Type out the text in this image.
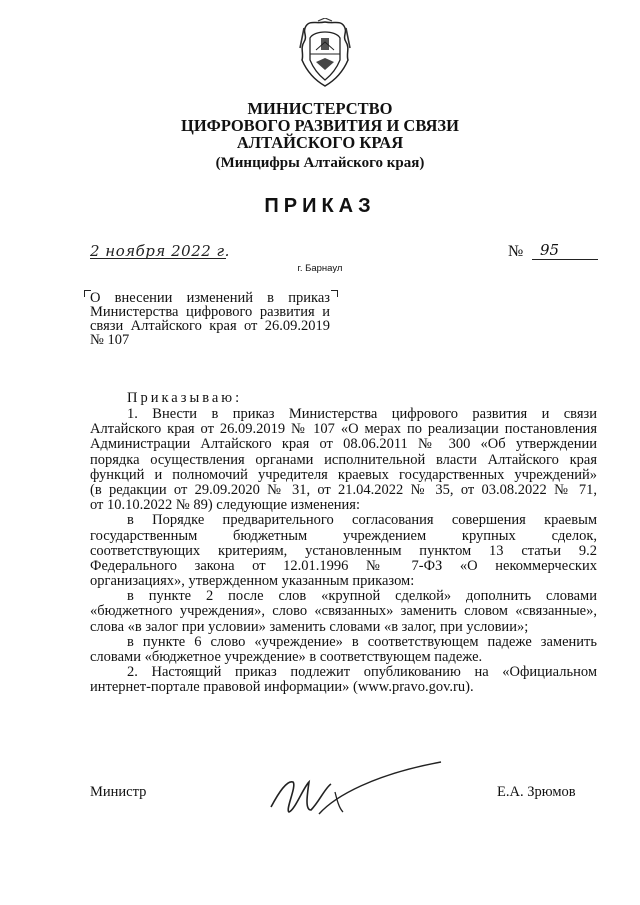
МИНИСТЕРСТВО
ЦИФРОВОГО РАЗВИТИЯ И СВЯЗИ
АЛТАЙСКОГО КРАЯ
(Минцифры Алтайского края)
ПРИКАЗ
2 ноября 2022 г.	№ 95
г. Барнаул
О внесении изменений в приказ
Министерства цифрового развития и
связи Алтайского края от 26.09.2019
№ 107
Приказываю:
1. Внести в приказ Министерства цифрового развития и связи
Алтайского края от 26.09.2019 № 107 «О мерах по реализации постановления
Администрации Алтайского края от 08.06.2011 № 300 «Об утверждении
порядка осуществления органами исполнительной власти Алтайского края
функций и полномочий учредителя краевых государственных учреждений»
(в редакции от 29.09.2020 № 31, от 21.04.2022 № 35, от 03.08.2022 № 71,
от 10.10.2022 № 89) следующие изменения:
в Порядке предварительного согласования совершения краевым
государственным бюджетным учреждением крупных сделок,
соответствующих критериям, установленным пунктом 13 статьи 9.2
Федерального закона от 12.01.1996 № 7-ФЗ «О некоммерческих
организациях», утвержденном указанным приказом:
в пункте 2 после слов «крупной сделкой» дополнить словами
«бюджетного учреждения», слово «связанных» заменить словом «связанные»,
слова «в залог при условии» заменить словами «в залог, при условии»;
в пункте 6 слово «учреждение» в соответствующем падеже заменить
словами «бюджетное учреждение» в соответствующем падеже.
2. Настоящий приказ подлежит опубликованию на «Официальном
интернет-портале правовой информации» (www.pravo.gov.ru).
Министр	Е.А. Зрюмов
